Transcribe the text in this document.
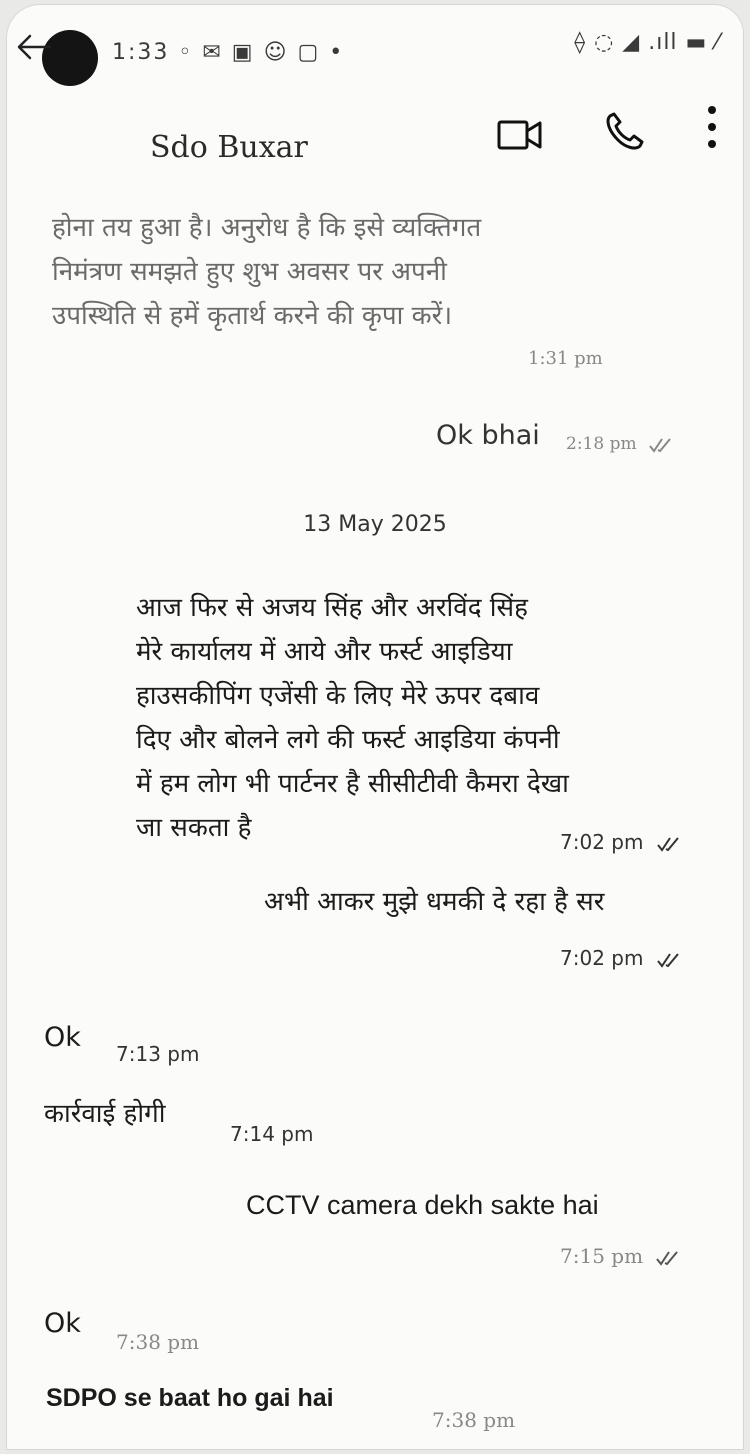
1:33 ◦ ✉ ▣ ☺ ▢ •	⟠ ◌ ◢ .ıll ▬ ⁄
Sdo Buxar
होना तय हुआ है। अनुरोध है कि इसे व्यक्तिगत
निमंत्रण समझते हुए शुभ अवसर पर अपनी
उपस्थिति से हमें कृतार्थ करने की कृपा करें।
1:31 pm
Ok bhai 2:18 pm
13 May 2025
आज फिर से अजय सिंह और अरविंद सिंह
मेरे कार्यालय में आये और फर्स्ट आइडिया
हाउसकीपिंग एजेंसी के लिए मेरे ऊपर दबाव
दिए और बोलने लगे की फर्स्ट आइडिया कंपनी
में हम लोग भी पार्टनर है सीसीटीवी कैमरा देखा
जा सकता है	7:02 pm
अभी आकर मुझे धमकी दे रहा है सर
7:02 pm
Ok
7:13 pm
कार्रवाई होगी
7:14 pm
CCTV camera dekh sakte hai
7:15 pm
Ok
7:38 pm
SDPO se baat ho gai hai
7:38 pm
